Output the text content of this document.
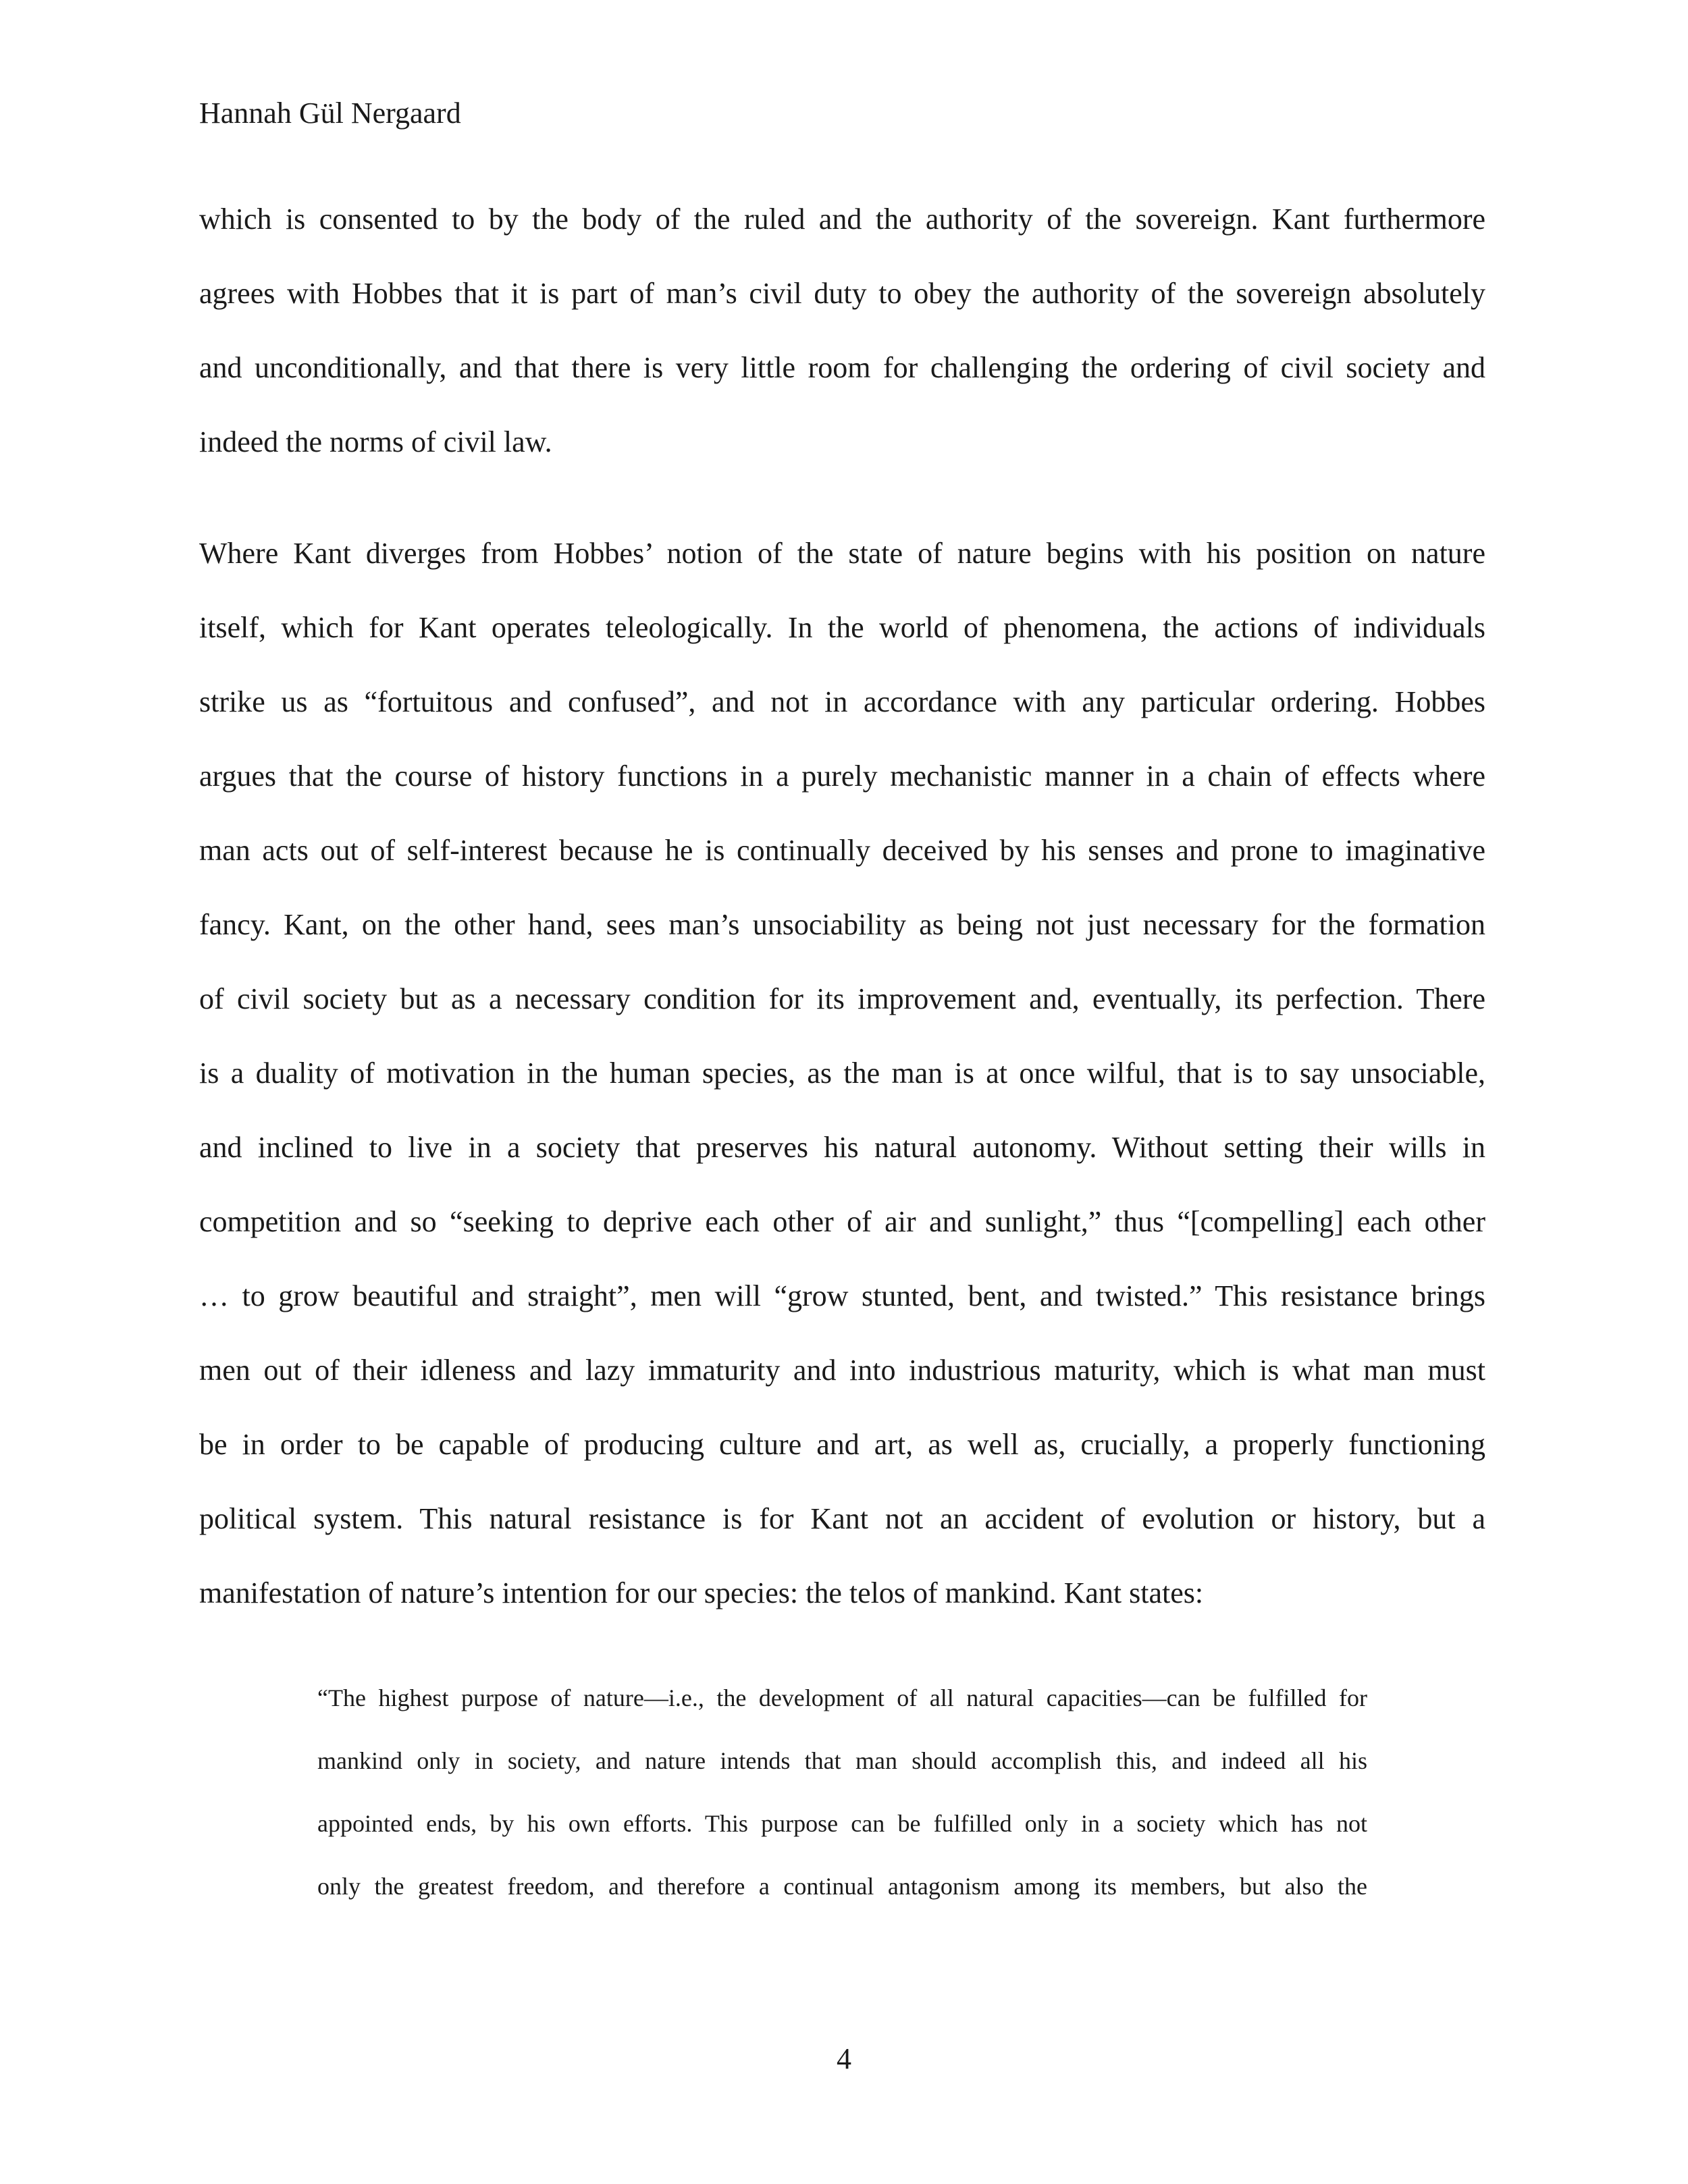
Hannah Gül Nergaard
which is consented to by the body of the ruled and the authority of the sovereign. Kant furthermore
agrees with Hobbes that it is part of man’s civil duty to obey the authority of the sovereign absolutely
and unconditionally, and that there is very little room for challenging the ordering of civil society and
indeed the norms of civil law.
Where Kant diverges from Hobbes’ notion of the state of nature begins with his position on nature
itself, which for Kant operates teleologically. In the world of phenomena, the actions of individuals
strike us as “fortuitous and confused”, and not in accordance with any particular ordering. Hobbes
argues that the course of history functions in a purely mechanistic manner in a chain of effects where
man acts out of self-interest because he is continually deceived by his senses and prone to imaginative
fancy. Kant, on the other hand, sees man’s unsociability as being not just necessary for the formation
of civil society but as a necessary condition for its improvement and, eventually, its perfection. There
is a duality of motivation in the human species, as the man is at once wilful, that is to say unsociable,
and inclined to live in a society that preserves his natural autonomy. Without setting their wills in
competition and so “seeking to deprive each other of air and sunlight,” thus “[compelling] each other
… to grow beautiful and straight”, men will “grow stunted, bent, and twisted.” This resistance brings
men out of their idleness and lazy immaturity and into industrious maturity, which is what man must
be in order to be capable of producing culture and art, as well as, crucially, a properly functioning
political system. This natural resistance is for Kant not an accident of evolution or history, but a
manifestation of nature’s intention for our species: the telos of mankind. Kant states:
“The highest purpose of nature—i.e., the development of all natural capacities—can be fulfilled for
mankind only in society, and nature intends that man should accomplish this, and indeed all his
appointed ends, by his own efforts. This purpose can be fulfilled only in a society which has not
only the greatest freedom, and therefore a continual antagonism among its members, but also the
4
